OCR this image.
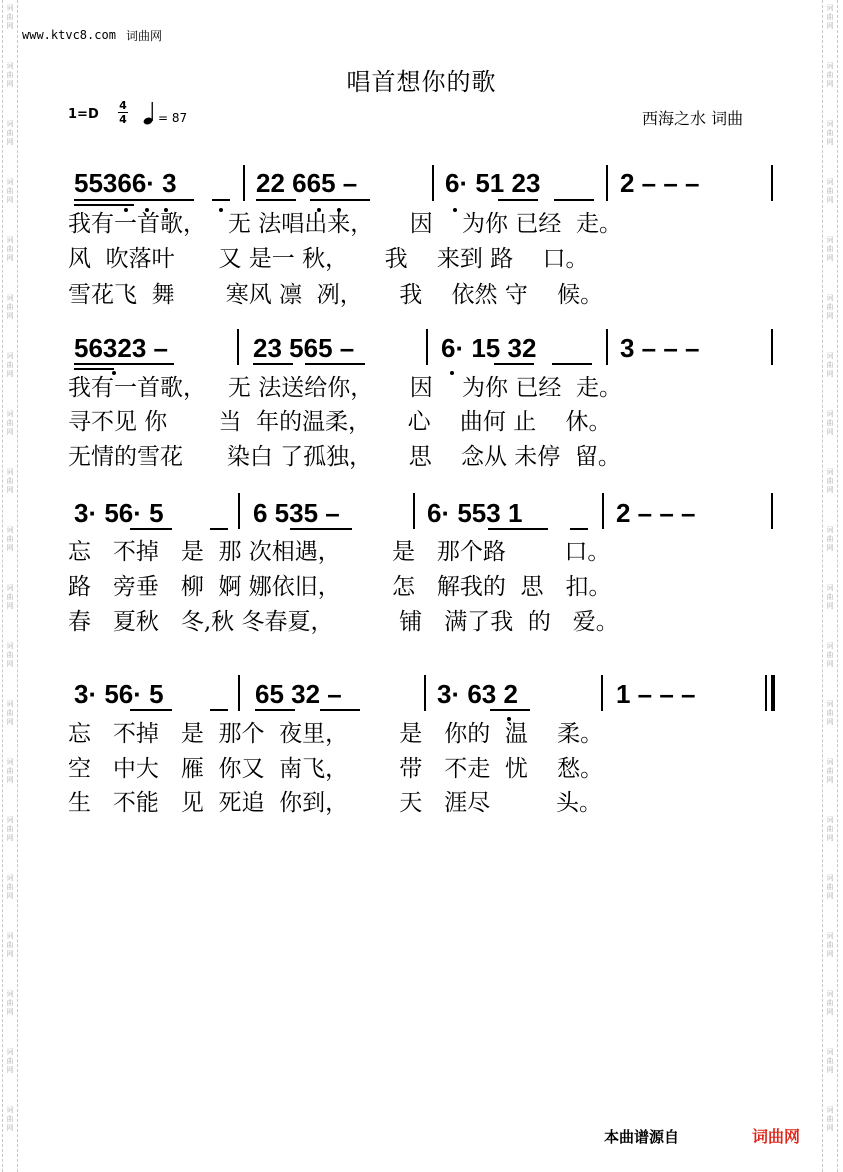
词
曲
网
词
曲
网
词
曲
网
词
曲
网
词
曲
网
词
曲
网
词
曲
网
词
曲
网
词
曲
网
词
曲
网
词
曲
网
词
曲
网
词
曲
网
词
曲
网
词
曲
网
词
曲
网
词
曲
网
词
曲
网
词
曲
网
词
曲
网
词
曲
网
词
曲
网
词
曲
网
词
曲
网
词
曲
网
词
曲
网
词
曲
网
词
曲
网
词
曲
网
词
曲
网
词
曲
网
词
曲
网
词
曲
网
词
曲
网
词
曲
网
词
曲
网
词
曲
网
词
曲
网
词
曲
网
词
曲
网
www.ktvc8.com 词曲网
唱首想你的歌
1=D
4
4	= 87	西海之水 词曲
55366· 3	22 665 –	6· 51 23	2 – – –
我有一首歌，   无 法唱出来，     因    为你 已经  走。
风  吹落叶      又 是一 秋，     我    来到 路    口。
雪花飞  舞       寒风 凛  冽，     我    依然 守    候。
56323 –	23 565 –	6· 15 32	3 – – –
我有一首歌，   无 法送给你，     因    为你 已经  走。
寻不见 你       当  年的温柔，     心    曲何 止    休。
无情的雪花      染白 了孤独，     思    念从 未停  留。
3· 56· 5	6 535 –	6· 553 1	2 – – –
忘   不掉   是  那 次相遇，       是   那个路        口。
路   旁垂   柳  婀 娜依旧，       怎   解我的  思   扣。
春   夏秋   冬,秋 冬春夏，         铺   满了我  的   爱。
3· 56· 5	65 32 –	3· 63 2	1 – – –
忘   不掉   是  那个  夜里，       是   你的  温    柔。
空   中大   雁  你又  南飞，       带   不走  忧    愁。
生   不能   见  死追  你到，       天   涯尽         头。
本曲谱源自	词曲网
